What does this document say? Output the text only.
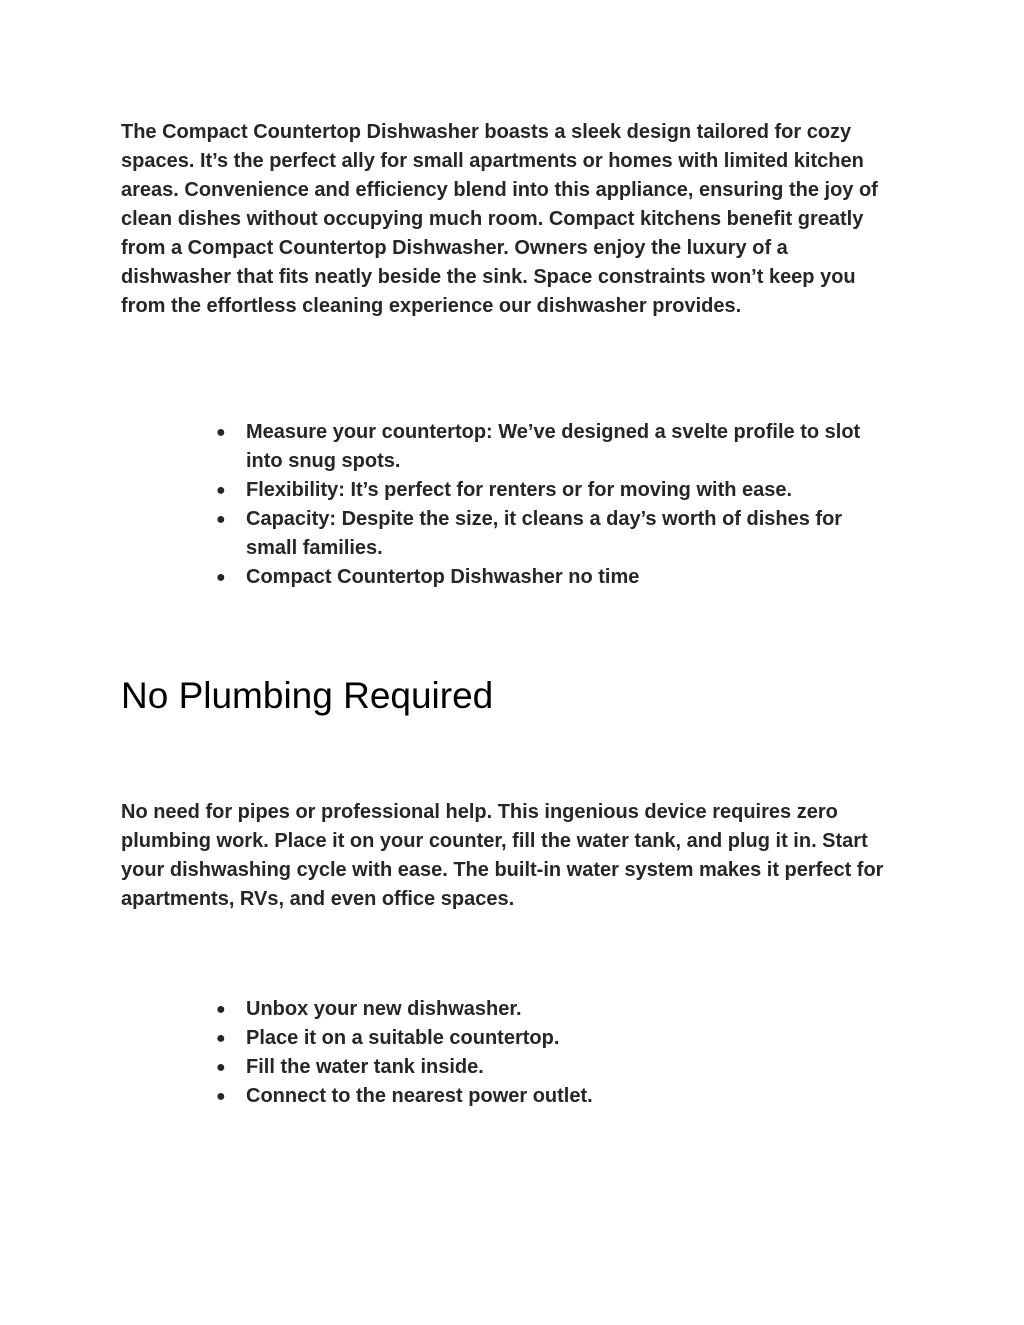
The Compact Countertop Dishwasher boasts a sleek design tailored for cozy spaces. It’s the perfect ally for small apartments or homes with limited kitchen areas. Convenience and efficiency blend into this appliance, ensuring the joy of clean dishes without occupying much room. Compact kitchens benefit greatly from a Compact Countertop Dishwasher. Owners enjoy the luxury of a dishwasher that fits neatly beside the sink. Space constraints won’t keep you from the effortless cleaning experience our dishwasher provides.

● Measure your countertop: We’ve designed a svelte profile to slot into snug spots.
● Flexibility: It’s perfect for renters or for moving with ease.
● Capacity: Despite the size, it cleans a day’s worth of dishes for small families.
● Compact Countertop Dishwasher no time
No Plumbing Required

No need for pipes or professional help. This ingenious device requires zero plumbing work. Place it on your counter, fill the water tank, and plug it in. Start your dishwashing cycle with ease. The built-in water system makes it perfect for apartments, RVs, and even office spaces.

● Unbox your new dishwasher.
● Place it on a suitable countertop.
● Fill the water tank inside.
● Connect to the nearest power outlet.
